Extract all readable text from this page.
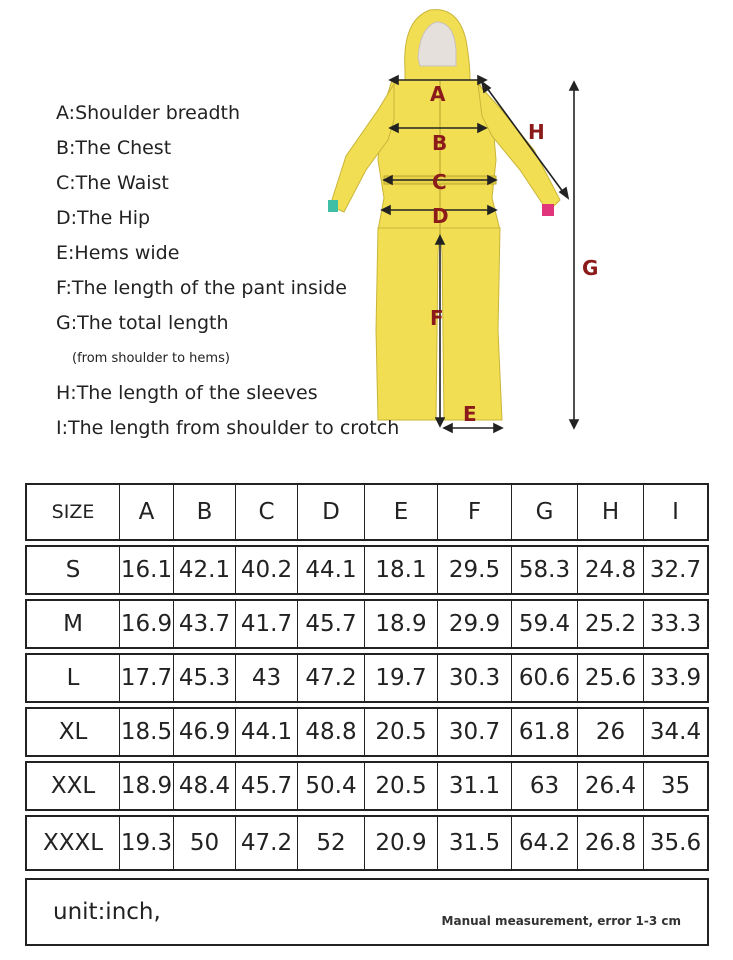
A
B
C
D
E
F
G
H
A:Shoulder breadth
B:The Chest
C:The Waist
D:The Hip
E:Hems wide
F:The length of the pant inside
G:The total length
(from shoulder to hems)
H:The length of the sleeves
I:The length from shoulder to crotch
SIZE	A	B	C	D	E	F	G	H	I
S	16.1 42.1 40.2 44.1 18.1 29.5 58.3 24.8 32.7
M	16.9 43.7 41.7 45.7 18.9 29.9 59.4 25.2 33.3
L	17.7 45.3 43	47.2 19.7 30.3 60.6 25.6 33.9
XL	18.5 46.9 44.1 48.8 20.5 30.7 61.8	26	34.4
XXL	18.9 48.4 45.7 50.4 20.5 31.1	63	26.4	35
XXXL 19.3 50 47.2	52	20.9 31.5 64.2 26.8 35.6
unit:inch,	Manual measurement, error 1-3 cm
